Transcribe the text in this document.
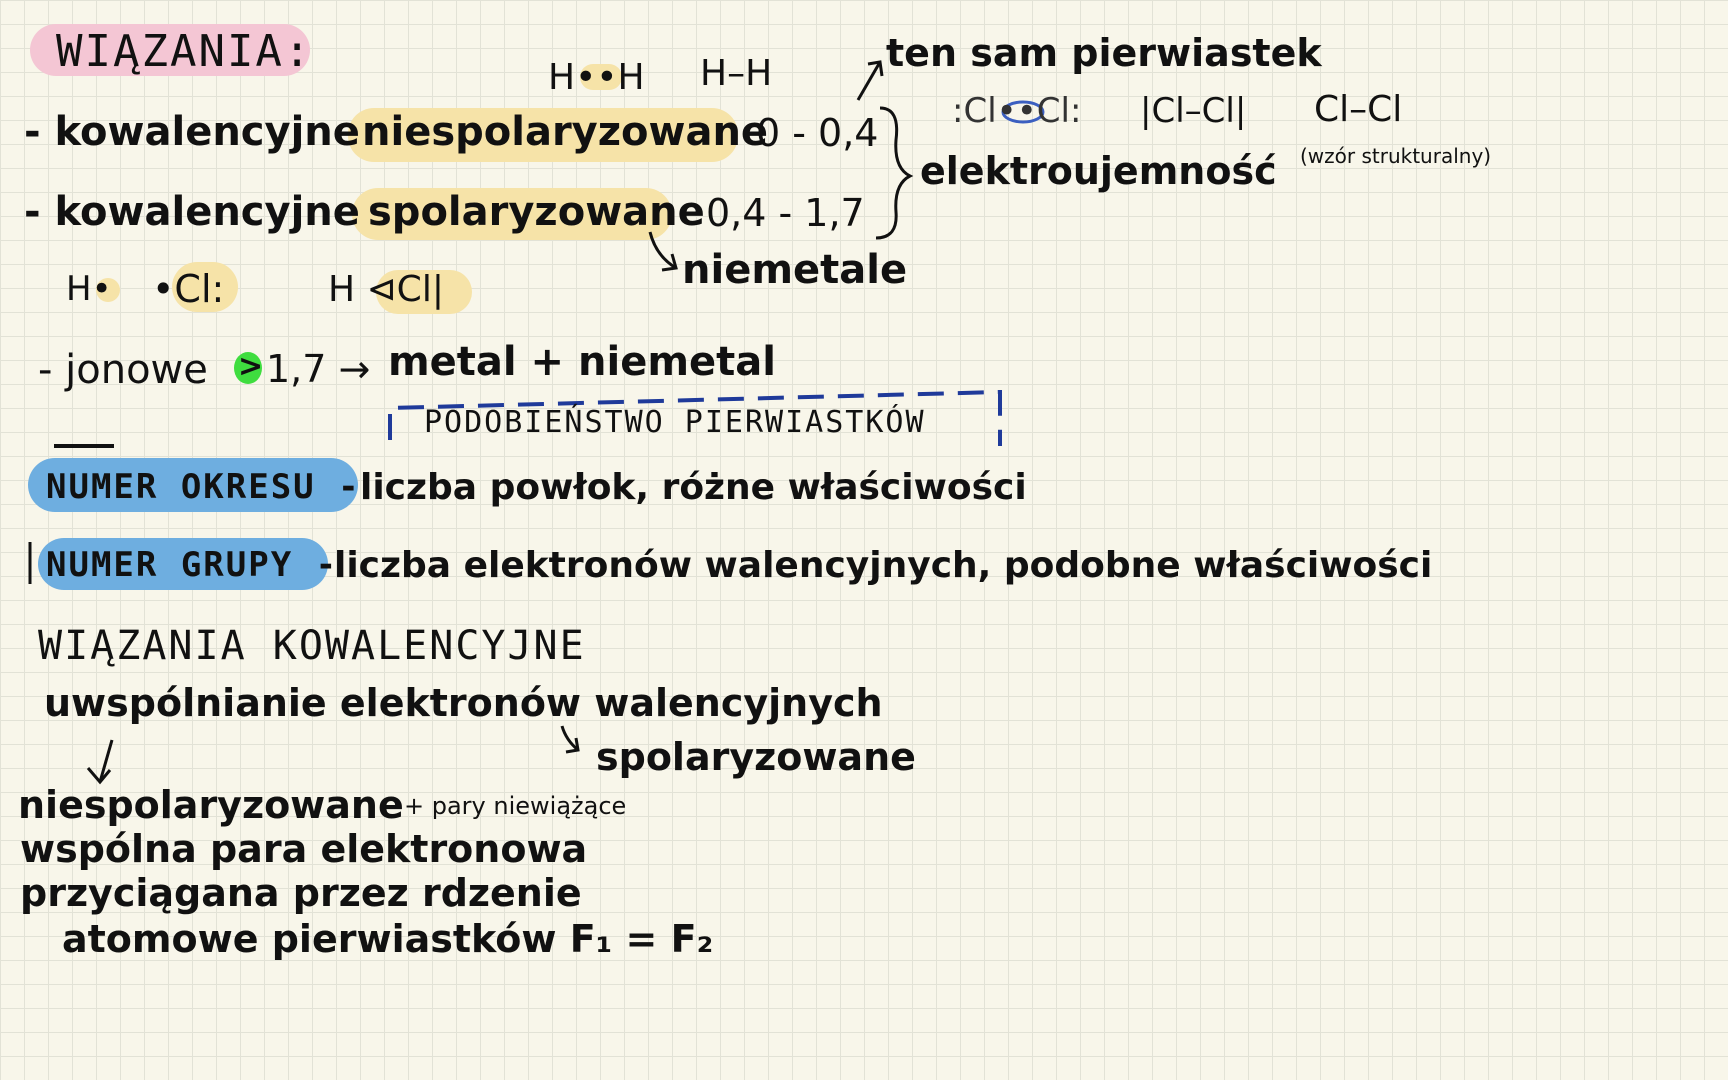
WIĄZANIA:
H••H H–H	ten sam pierwiastek
:Cl••Cl: |Cl–Cl| Cl–Cl
(wzór strukturalny)
- kowalencyjne niespolaryzowane
0 - 0,4
elektroujemność
- kowalencyjne spolaryzowane 0,4 - 1,7
niemetale
H• •Cl:	H ⊲Cl|
- jonowe > 1,7 → metal + niemetal
PODOBIEŃSTWO PIERWIASTKÓW
NUMER OKRESU - liczba powłok, różne właściwości
NUMER GRUPY -
liczba elektronów walencyjnych, podobne właściwości
WIĄZANIA KOWALENCYJNE
uwspólnianie elektronów walencyjnych
spolaryzowane
niespolaryzowane + pary niewiążące
wspólna para elektronowa
przyciągana przez rdzenie
atomowe pierwiastków F₁ = F₂
